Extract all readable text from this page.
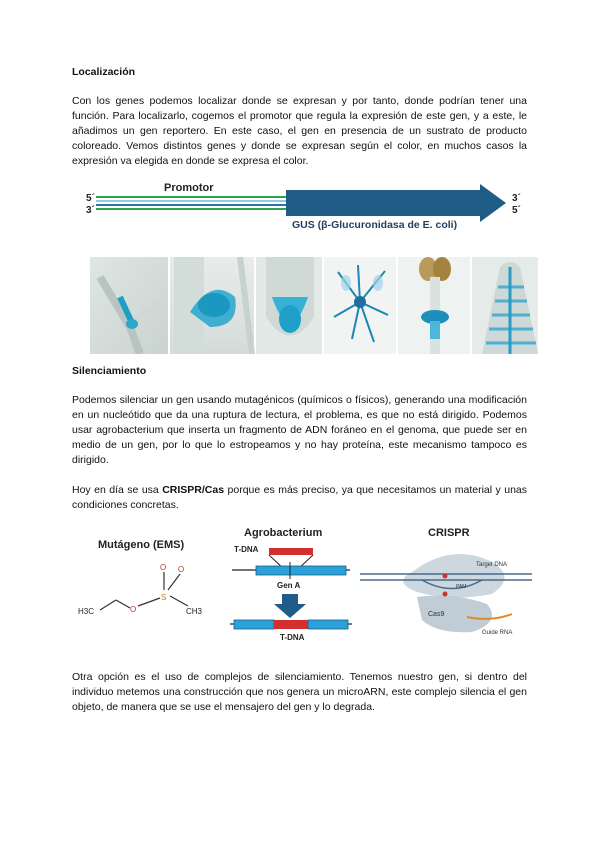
Localización
Con los genes podemos localizar donde se expresan y por tanto, donde podrían tener una función. Para localizarlo, cogemos el promotor que regula la expresión de este gen, y a este, le añadimos un gen reportero. En este caso, el gen en presencia de un sustrato de producto coloreado. Vemos distintos genes y donde se expresan según el color, en muchos casos la expresión va elegida en donde se expresa el color.
5´
3´
Promotor
GUS (β-Glucuronidasa de E. coli)
3´
5´
Silenciamiento
Podemos silenciar un gen usando mutagénicos (químicos o físicos), generando una modificación en un nucleótido que da una ruptura de lectura, el problema, es que no está dirigido. Podemos usar agrobacterium que inserta un fragmento de ADN foráneo en el genoma, que puede ser en medio de un gen, por lo que lo estropeamos y no hay proteína, este mecanismo tampoco es dirigido.
Hoy en día se usa CRISPR/Cas porque es más preciso, ya que necesitamos un material y unas condiciones concretas.
Mutágeno (EMS)
H3C	O
S
O O
CH3
Agrobacterium
T-DNA
Gen A
T-DNA
CRISPR
Target DNA
PAM
Cas9
Guide RNA
Otra opción es el uso de complejos de silenciamiento. Tenemos nuestro gen, si dentro del individuo metemos una construcción que nos genera un microARN, este complejo silencia el gen objeto, de manera que se use el mensajero del gen y lo degrada.
